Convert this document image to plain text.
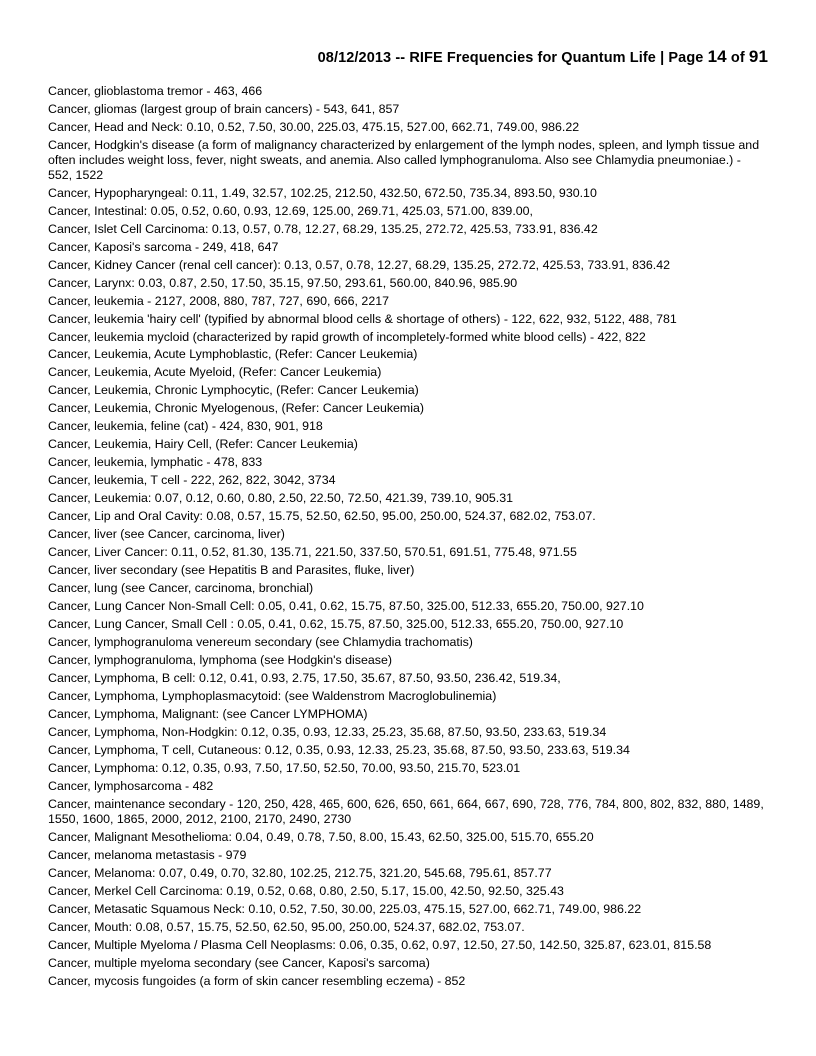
08/12/2013 -- RIFE Frequencies for Quantum Life | Page 14 of 91

Cancer, glioblastoma tremor - 463, 466

Cancer, gliomas (largest group of brain cancers) - 543, 641, 857

Cancer, Head and Neck: 0.10, 0.52, 7.50, 30.00, 225.03, 475.15, 527.00, 662.71, 749.00, 986.22

Cancer, Hodgkin's disease (a form of malignancy characterized by enlargement of the lymph nodes, spleen, and lymph tissue and often includes weight loss, fever, night sweats, and anemia. Also called lymphogranuloma. Also see Chlamydia pneumoniae.) - 552, 1522

Cancer, Hypopharyngeal: 0.11, 1.49, 32.57, 102.25, 212.50, 432.50, 672.50, 735.34, 893.50, 930.10

Cancer, Intestinal: 0.05, 0.52, 0.60, 0.93, 12.69, 125.00, 269.71, 425.03, 571.00, 839.00,

Cancer, Islet Cell Carcinoma: 0.13, 0.57, 0.78, 12.27, 68.29, 135.25, 272.72, 425.53, 733.91, 836.42

Cancer, Kaposi's sarcoma - 249, 418, 647

Cancer, Kidney Cancer (renal cell cancer): 0.13, 0.57, 0.78, 12.27, 68.29, 135.25, 272.72, 425.53, 733.91, 836.42

Cancer, Larynx: 0.03, 0.87, 2.50, 17.50, 35.15, 97.50, 293.61, 560.00, 840.96, 985.90

Cancer, leukemia - 2127, 2008, 880, 787, 727, 690, 666, 2217

Cancer, leukemia 'hairy cell' (typified by abnormal blood cells & shortage of others) - 122, 622, 932, 5122, 488, 781

Cancer, leukemia mycloid (characterized by rapid growth of incompletely-formed white blood cells) - 422, 822

Cancer, Leukemia, Acute Lymphoblastic, (Refer: Cancer Leukemia)

Cancer, Leukemia, Acute Myeloid, (Refer: Cancer Leukemia)

Cancer, Leukemia, Chronic Lymphocytic, (Refer: Cancer Leukemia)

Cancer, Leukemia, Chronic Myelogenous, (Refer: Cancer Leukemia)

Cancer, leukemia, feline (cat) - 424, 830, 901, 918

Cancer, Leukemia, Hairy Cell, (Refer: Cancer Leukemia)

Cancer, leukemia, lymphatic - 478, 833

Cancer, leukemia, T cell - 222, 262, 822, 3042, 3734

Cancer, Leukemia: 0.07, 0.12, 0.60, 0.80, 2.50, 22.50, 72.50, 421.39, 739.10, 905.31

Cancer, Lip and Oral Cavity: 0.08, 0.57, 15.75, 52.50, 62.50, 95.00, 250.00, 524.37, 682.02, 753.07.

Cancer, liver (see Cancer, carcinoma, liver)

Cancer, Liver Cancer: 0.11, 0.52, 81.30, 135.71, 221.50, 337.50, 570.51, 691.51, 775.48, 971.55

Cancer, liver secondary (see Hepatitis B and Parasites, fluke, liver)

Cancer, lung (see Cancer, carcinoma, bronchial)

Cancer, Lung Cancer Non-Small Cell: 0.05, 0.41, 0.62, 15.75, 87.50, 325.00, 512.33, 655.20, 750.00, 927.10

Cancer, Lung Cancer, Small Cell : 0.05, 0.41, 0.62, 15.75, 87.50, 325.00, 512.33, 655.20, 750.00, 927.10

Cancer, lymphogranuloma venereum secondary (see Chlamydia trachomatis)

Cancer, lymphogranuloma, lymphoma (see Hodgkin's disease)

Cancer, Lymphoma, B cell: 0.12, 0.41, 0.93, 2.75, 17.50, 35.67, 87.50, 93.50, 236.42, 519.34,

Cancer, Lymphoma, Lymphoplasmacytoid: (see Waldenstrom Macroglobulinemia)

Cancer, Lymphoma, Malignant: (see Cancer LYMPHOMA)

Cancer, Lymphoma, Non-Hodgkin: 0.12, 0.35, 0.93, 12.33, 25.23, 35.68, 87.50, 93.50, 233.63, 519.34

Cancer, Lymphoma, T cell, Cutaneous: 0.12, 0.35, 0.93, 12.33, 25.23, 35.68, 87.50, 93.50, 233.63, 519.34

Cancer, Lymphoma: 0.12, 0.35, 0.93, 7.50, 17.50, 52.50, 70.00, 93.50, 215.70, 523.01

Cancer, lymphosarcoma - 482

Cancer, maintenance secondary - 120, 250, 428, 465, 600, 626, 650, 661, 664, 667, 690, 728, 776, 784, 800, 802, 832, 880, 1489, 1550, 1600, 1865, 2000, 2012, 2100, 2170, 2490, 2730

Cancer, Malignant Mesothelioma: 0.04, 0.49, 0.78, 7.50, 8.00, 15.43, 62.50, 325.00, 515.70, 655.20

Cancer, melanoma metastasis - 979

Cancer, Melanoma: 0.07, 0.49, 0.70, 32.80, 102.25, 212.75, 321.20, 545.68, 795.61, 857.77

Cancer, Merkel Cell Carcinoma: 0.19, 0.52, 0.68, 0.80, 2.50, 5.17, 15.00, 42.50, 92.50, 325.43

Cancer, Metasatic Squamous Neck: 0.10, 0.52, 7.50, 30.00, 225.03, 475.15, 527.00, 662.71, 749.00, 986.22

Cancer, Mouth: 0.08, 0.57, 15.75, 52.50, 62.50, 95.00, 250.00, 524.37, 682.02, 753.07.

Cancer, Multiple Myeloma / Plasma Cell Neoplasms: 0.06, 0.35, 0.62, 0.97, 12.50, 27.50, 142.50, 325.87, 623.01, 815.58

Cancer, multiple myeloma secondary (see Cancer, Kaposi's sarcoma)

Cancer, mycosis fungoides (a form of skin cancer resembling eczema) - 852
